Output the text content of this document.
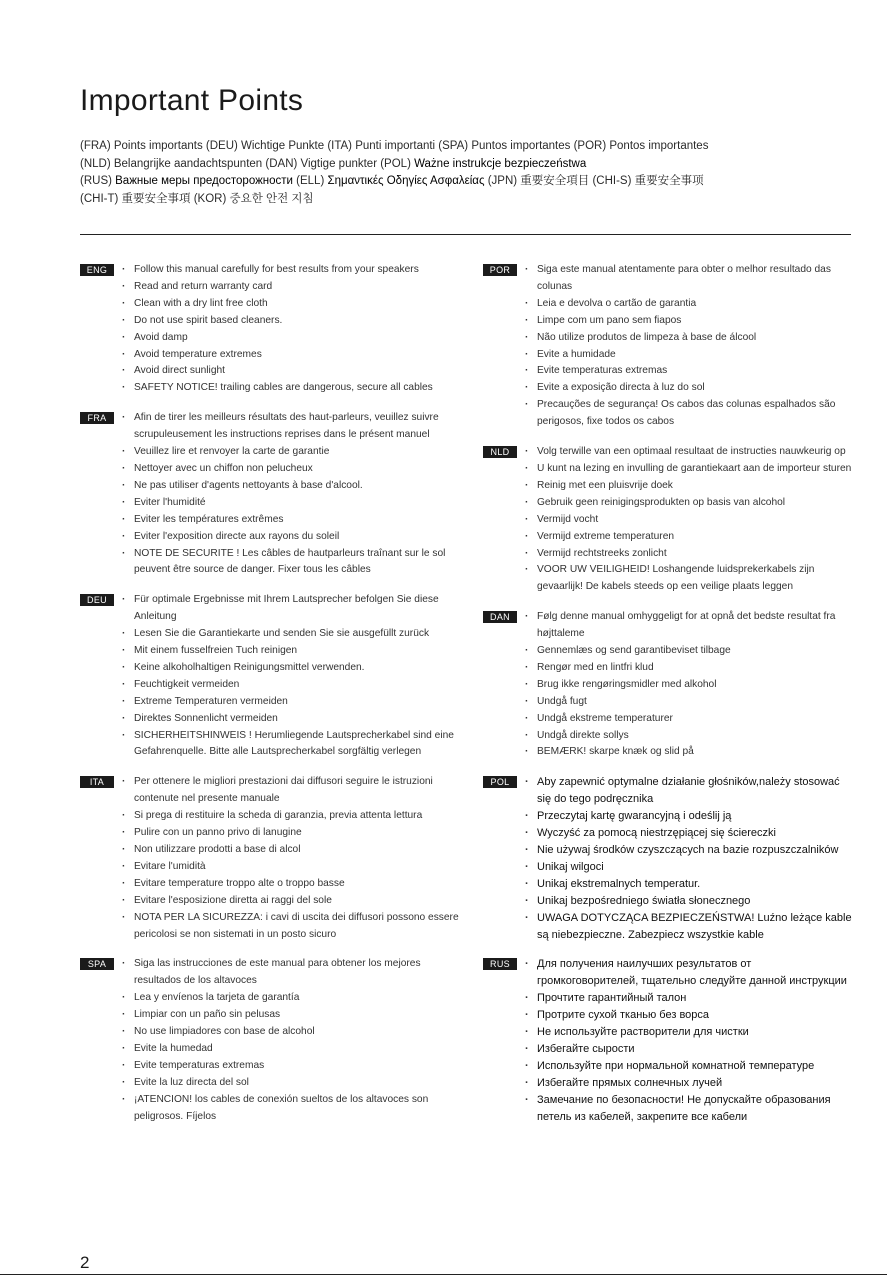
Important Points
(FRA) Points importants (DEU) Wichtige Punkte (ITA) Punti importanti (SPA) Puntos importantes (POR) Pontos importantes
(NLD) Belangrijke aandachtspunten (DAN) Vigtige punkter (POL) Ważne instrukcje bezpieczeństwa
(RUS) Важные меры предосторожности (ELL) Σημαντικές Οδηγίες Ασφαλείας (JPN) 重要安全項目 (CHI-S) 重要安全事项
(CHI-T) 重要安全事項 (KOR) 중요한 안전 지침
ENG	· Follow this manual carefully for best results from your speakers
· Read and return warranty card
· Clean with a dry lint free cloth
· Do not use spirit based cleaners.
· Avoid damp
· Avoid temperature extremes
· Avoid direct sunlight
· SAFETY NOTICE! trailing cables are dangerous, secure all cables
FRA	· Afin de tirer les meilleurs résultats des haut-parleurs, veuillez suivre scrupuleusement les instructions reprises dans le présent manuel
· Veuillez lire et renvoyer la carte de garantie
· Nettoyer avec un chiffon non pelucheux
· Ne pas utiliser d'agents nettoyants à base d'alcool.
· Eviter l'humidité
· Eviter les températures extrêmes
· Eviter l'exposition directe aux rayons du soleil
· NOTE DE SECURITE ! Les câbles de hautparleurs traînant sur le sol peuvent être source de danger. Fixer tous les câbles
DEU	· Für optimale Ergebnisse mit Ihrem Lautsprecher befolgen Sie diese Anleitung
· Lesen Sie die Garantiekarte und senden Sie sie ausgefüllt zurück
· Mit einem fusselfreien Tuch reinigen
· Keine alkoholhaltigen Reinigungsmittel verwenden.
· Feuchtigkeit vermeiden
· Extreme Temperaturen vermeiden
· Direktes Sonnenlicht vermeiden
· SICHERHEITSHINWEIS ! Herumliegende Lautsprecherkabel sind eine Gefahrenquelle. Bitte alle Lautsprecherkabel sorgfältig verlegen
ITA	· Per ottenere le migliori prestazioni dai diffusori seguire le istruzioni contenute nel presente manuale
· Si prega di restituire la scheda di garanzia, previa attenta lettura
· Pulire con un panno privo di lanugine
· Non utilizzare prodotti a base di alcol
· Evitare l'umidità
· Evitare temperature troppo alte o troppo basse
· Evitare l'esposizione diretta ai raggi del sole
· NOTA PER LA SICUREZZA: i cavi di uscita dei diffusori possono essere pericolosi se non sistemati in un posto sicuro
SPA	· Siga las instrucciones de este manual para obtener los mejores resultados de los altavoces
· Lea y envíenos la tarjeta de garantía
· Limpiar con un paño sin pelusas
· No use limpiadores con base de alcohol
· Evite la humedad
· Evite temperaturas extremas
· Evite la luz directa del sol
· ¡ATENCION! los cables de conexión sueltos de los altavoces son peligrosos. Fíjelos
POR	· Siga este manual atentamente para obter o melhor resultado das colunas
· Leia e devolva o cartão de garantia
· Limpe com um pano sem fiapos
· Não utilize produtos de limpeza à base de álcool
· Evite a humidade
· Evite temperaturas extremas
· Evite a exposição directa à luz do sol
· Precauções de segurança! Os cabos das colunas espalhados são perigosos, fixe todos os cabos
NLD	· Volg terwille van een optimaal resultaat de instructies nauwkeurig op
· U kunt na lezing en invulling de garantiekaart aan de importeur sturen
· Reinig met een pluisvrije doek
· Gebruik geen reinigingsprodukten op basis van alcohol
· Vermijd vocht
· Vermijd extreme temperaturen
· Vermijd rechtstreeks zonlicht
· VOOR UW VEILIGHEID! Loshangende luidsprekerkabels zijn gevaarlijk! De kabels steeds op een veilige plaats leggen
DAN	· Følg denne manual omhyggeligt for at opnå det bedste resultat fra højttaleme
· Gennemlæs og send garantibeviset tilbage
· Rengør med en lintfri klud
· Brug ikke rengøringsmidler med alkohol
· Undgå fugt
· Undgå ekstreme temperaturer
· Undgå direkte sollys
· BEMÆRK! skarpe knæk og slid på
POL	· Aby zapewnić optymalne działanie głośników,należy stosować się do tego podręcznika
· Przeczytaj kartę gwarancyjną i odeślij ją
· Wyczyść za pomocą niestrzępiącej się ściereczki
· Nie używaj środków czyszczących na bazie rozpuszczalników
· Unikaj wilgoci
· Unikaj ekstremalnych temperatur.
· Unikaj bezpośredniego światła słonecznego
· UWAGA DOTYCZĄCA BEZPIECZEŃSTWA! Luźno leżące kable są niebezpieczne. Zabezpiecz wszystkie kable
RUS	· Для получения наилучших результатов от громкоговорителей, тщательно следуйте данной инструкции
· Прочтите гарантийный талон
· Протрите сухой тканью без ворса
· Не используйте растворители для чистки
· Избегайте сырости
· Используйте при нормальной комнатной температуре
· Избегайте прямых солнечных лучей
· Замечание по безопасности! Не допускайте образования петель из кабелей, закрепите все кабели
2
